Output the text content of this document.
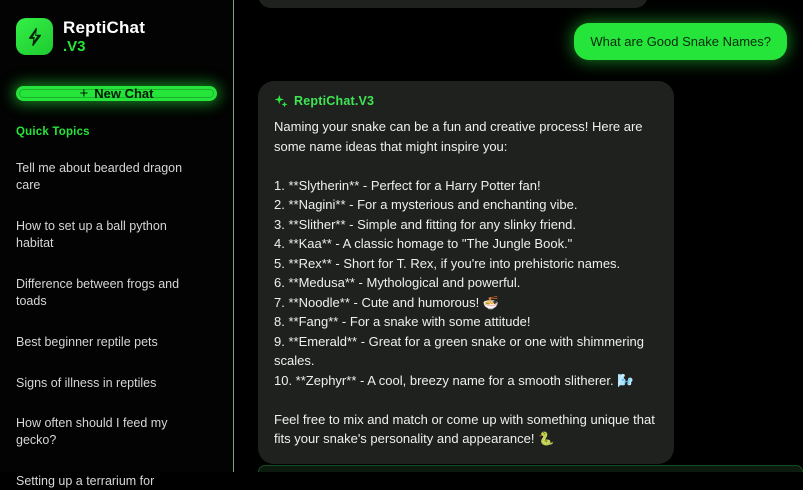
ReptiChat
.V3
+ New Chat
Quick Topics
Tell me about bearded dragon care
How to set up a ball python habitat
Difference between frogs and toads
Best beginner reptile pets
Signs of illness in reptiles
How often should I feed my gecko?
Setting up a terrarium for
What are Good Snake Names?
ReptiChat.V3
Naming your snake can be a fun and creative process! Here are some name ideas that might inspire you:
1. **Slytherin** - Perfect for a Harry Potter fan!
2. **Nagini** - For a mysterious and enchanting vibe.
3. **Slither** - Simple and fitting for any slinky friend.
4. **Kaa** - A classic homage to "The Jungle Book."
5. **Rex** - Short for T. Rex, if you're into prehistoric names.
6. **Medusa** - Mythological and powerful.
7. **Noodle** - Cute and humorous! 🍜
8. **Fang** - For a snake with some attitude!
9. **Emerald** - Great for a green snake or one with shimmering scales.
10. **Zephyr** - A cool, breezy name for a smooth slitherer. 🌬️
Feel free to mix and match or come up with something unique that fits your snake's personality and appearance! 🐍
